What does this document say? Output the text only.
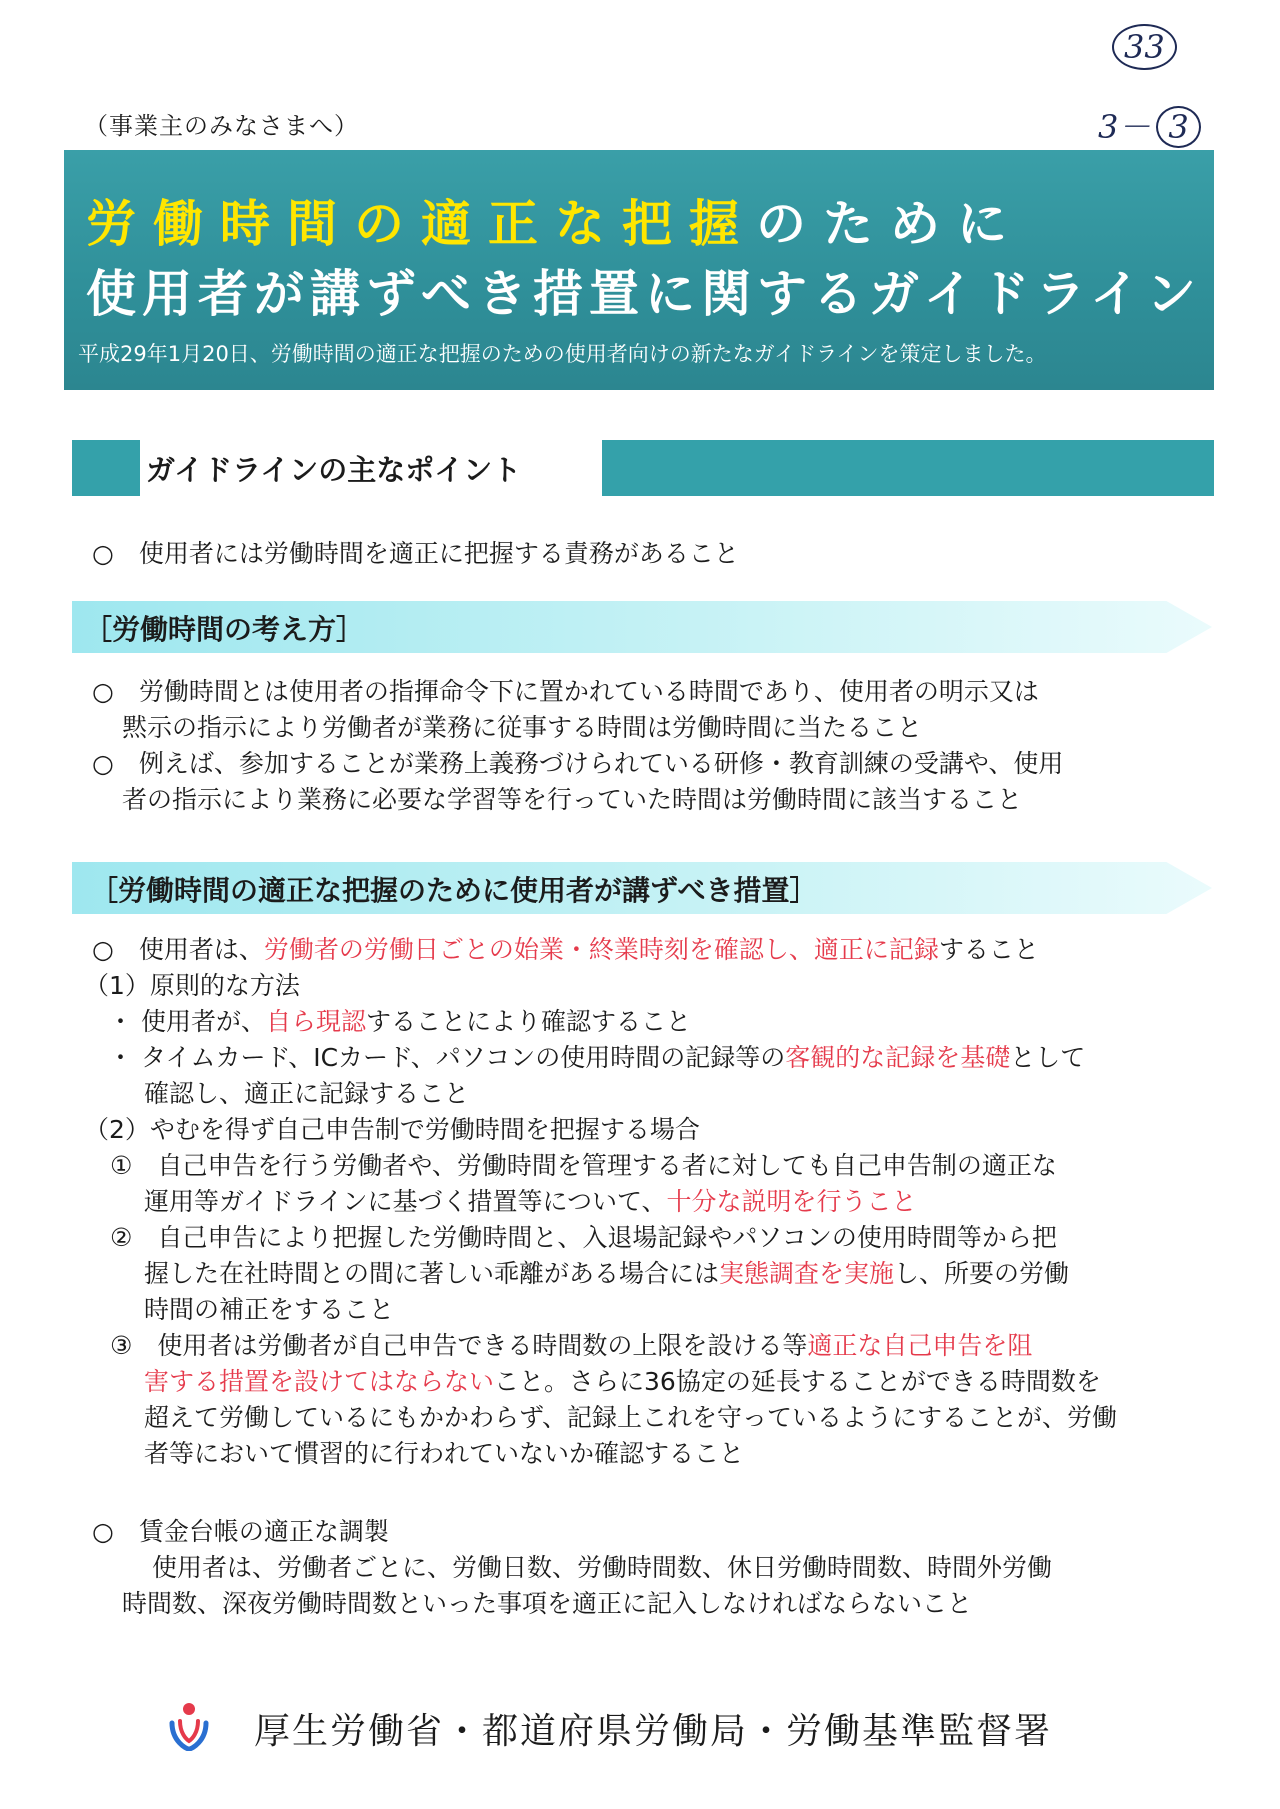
（事業主のみなさまへ）
33
3－ 3
労働時間の適正な把握のために
使用者が講ずべき措置に関するガイドライン
平成29年1月20日、労働時間の適正な把握のための使用者向けの新たなガイドラインを策定しました。
ガイドラインの主なポイント
○　使用者には労働時間を適正に把握する責務があること
［労働時間の考え方］
○　労働時間とは使用者の指揮命令下に置かれている時間であり、使用者の明示又は
黙示の指示により労働者が業務に従事する時間は労働時間に当たること
○　例えば、参加することが業務上義務づけられている研修・教育訓練の受講や、使用
者の指示により業務に必要な学習等を行っていた時間は労働時間に該当すること
［労働時間の適正な把握のために使用者が講ずべき措置］
○　使用者は、労働者の労働日ごとの始業・終業時刻を確認し、適正に記録すること
（1）原則的な方法
・ 使用者が、自ら現認することにより確認すること
・ タイムカード、ICカード、パソコンの使用時間の記録等の客観的な記録を基礎として
確認し、適正に記録すること
（2）やむを得ず自己申告制で労働時間を把握する場合
①　自己申告を行う労働者や、労働時間を管理する者に対しても自己申告制の適正な
運用等ガイドラインに基づく措置等について、十分な説明を行うこと
②　自己申告により把握した労働時間と、入退場記録やパソコンの使用時間等から把
握した在社時間との間に著しい乖離がある場合には実態調査を実施し、所要の労働
時間の補正をすること
③　使用者は労働者が自己申告できる時間数の上限を設ける等適正な自己申告を阻
害する措置を設けてはならないこと。さらに36協定の延長することができる時間数を
超えて労働しているにもかかわらず、記録上これを守っているようにすることが、労働
者等において慣習的に行われていないか確認すること
○　賃金台帳の適正な調製
使用者は、労働者ごとに、労働日数、労働時間数、休日労働時間数、時間外労働
時間数、深夜労働時間数といった事項を適正に記入しなければならないこと
厚生労働省・都道府県労働局・労働基準監督署
